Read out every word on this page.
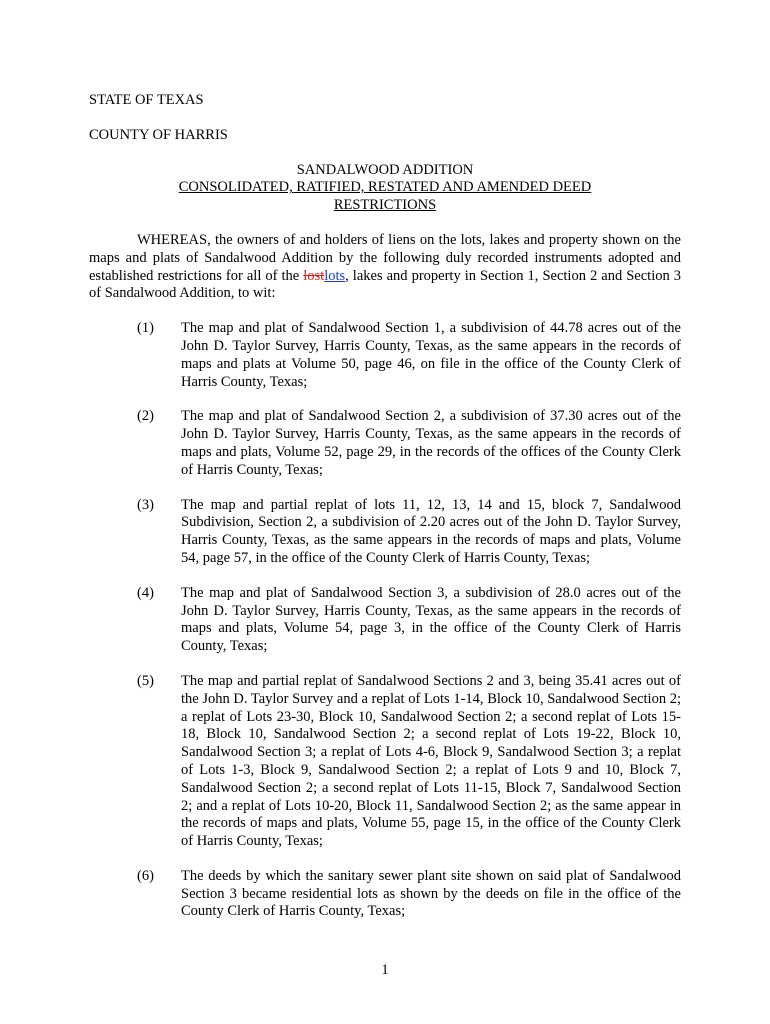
STATE OF TEXAS

COUNTY OF HARRIS

SANDALWOOD ADDITION
CONSOLIDATED, RATIFIED, RESTATED AND AMENDED DEED RESTRICTIONS

WHEREAS, the owners of and holders of liens on the lots, lakes and property shown on the maps and plats of Sandalwood Addition by the following duly recorded instruments adopted and established restrictions for all of the lostlots, lakes and property in Section 1, Section 2 and Section 3 of Sandalwood Addition, to wit:

(1)	The map and plat of Sandalwood Section 1, a subdivision of 44.78 acres out of the John D. Taylor Survey, Harris County, Texas, as the same appears in the records of maps and plats at Volume 50, page 46, on file in the office of the County Clerk of Harris County, Texas;
(2)	The map and plat of Sandalwood Section 2, a subdivision of 37.30 acres out of the John D. Taylor Survey, Harris County, Texas, as the same appears in the records of maps and plats, Volume 52, page 29, in the records of the offices of the County Clerk of Harris County, Texas;
(3)	The map and partial replat of lots 11, 12, 13, 14 and 15, block 7, Sandalwood Subdivision, Section 2, a subdivision of 2.20 acres out of the John D. Taylor Survey, Harris County, Texas, as the same appears in the records of maps and plats, Volume 54, page 57, in the office of the County Clerk of Harris County, Texas;
(4)	The map and plat of Sandalwood Section 3, a subdivision of 28.0 acres out of the John D. Taylor Survey, Harris County, Texas, as the same appears in the records of maps and plats, Volume 54, page 3, in the office of the County Clerk of Harris County, Texas;
(5)	The map and partial replat of Sandalwood Sections 2 and 3, being 35.41 acres out of the John D. Taylor Survey and a replat of Lots 1-14, Block 10, Sandalwood Section 2; a replat of Lots 23-30, Block 10, Sandalwood Section 2; a second replat of Lots 15-18, Block 10, Sandalwood Section 2; a second replat of Lots 19-22, Block 10, Sandalwood Section 3; a replat of Lots 4-6, Block 9, Sandalwood Section 3; a replat of Lots 1-3, Block 9, Sandalwood Section 2; a replat of Lots 9 and 10, Block 7, Sandalwood Section 2; a second replat of Lots 11-15, Block 7, Sandalwood Section 2; and a replat of Lots 10-20, Block 11, Sandalwood Section 2; as the same appear in the records of maps and plats, Volume 55, page 15, in the office of the County Clerk of Harris County, Texas;
(6)	The deeds by which the sanitary sewer plant site shown on said plat of Sandalwood Section 3 became residential lots as shown by the deeds on file in the office of the County Clerk of Harris County, Texas;
1
